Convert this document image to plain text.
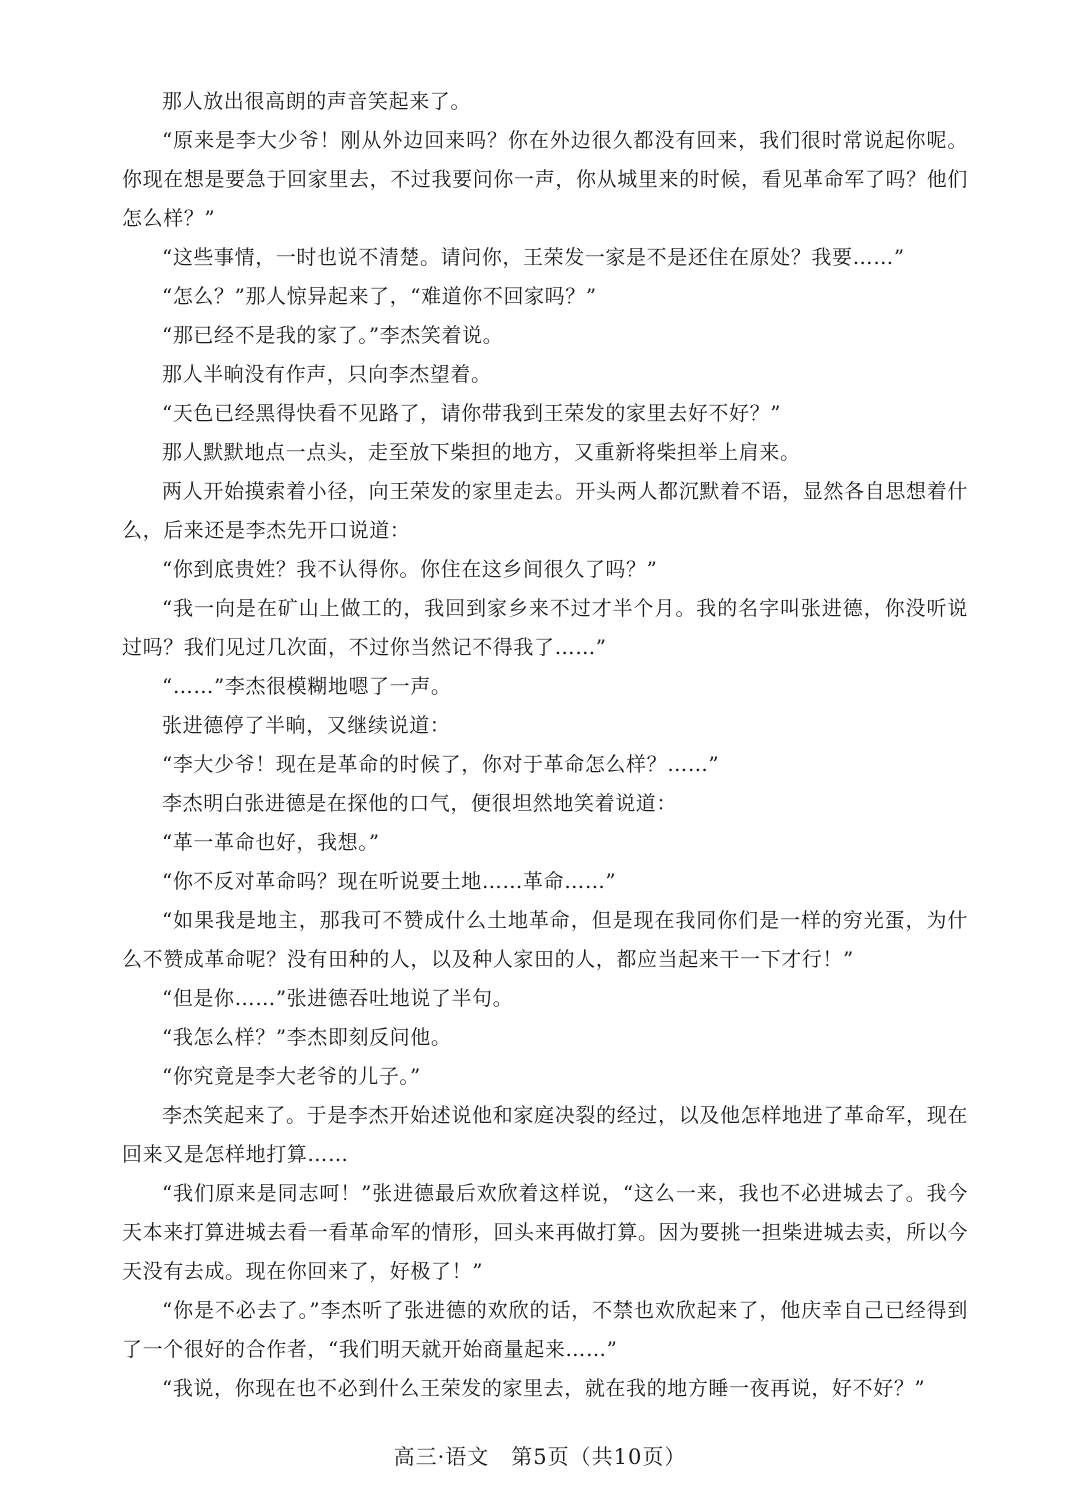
那人放出很高朗的声音笑起来了。

“原来是李大少爷！刚从外边回来吗？你在外边很久都没有回来，我们很时常说起你呢。你现在想是要急于回家里去，不过我要问你一声，你从城里来的时候，看见革命军了吗？他们怎么样？”

“这些事情，一时也说不清楚。请问你，王荣发一家是不是还住在原处？我要……”

“怎么？”那人惊异起来了，“难道你不回家吗？”

“那已经不是我的家了。”李杰笑着说。

那人半晌没有作声，只向李杰望着。

“天色已经黑得快看不见路了，请你带我到王荣发的家里去好不好？”

那人默默地点一点头，走至放下柴担的地方，又重新将柴担举上肩来。

两人开始摸索着小径，向王荣发的家里走去。开头两人都沉默着不语，显然各自思想着什么，后来还是李杰先开口说道：

“你到底贵姓？我不认得你。你住在这乡间很久了吗？”

“我一向是在矿山上做工的，我回到家乡来不过才半个月。我的名字叫张进德，你没听说过吗？我们见过几次面，不过你当然记不得我了……”

“……”李杰很模糊地嗯了一声。

张进德停了半晌，又继续说道：

“李大少爷！现在是革命的时候了，你对于革命怎么样？……”

李杰明白张进德是在探他的口气，便很坦然地笑着说道：

“革一革命也好，我想。”

“你不反对革命吗？现在听说要土地……革命……”

“如果我是地主，那我可不赞成什么土地革命，但是现在我同你们是一样的穷光蛋，为什么不赞成革命呢？没有田种的人，以及种人家田的人，都应当起来干一下才行！”

“但是你……”张进德吞吐地说了半句。

“我怎么样？”李杰即刻反问他。

“你究竟是李大老爷的儿子。”

李杰笑起来了。于是李杰开始述说他和家庭决裂的经过，以及他怎样地进了革命军，现在回来又是怎样地打算……

“我们原来是同志呵！”张进德最后欢欣着这样说，“这么一来，我也不必进城去了。我今天本来打算进城去看一看革命军的情形，回头来再做打算。因为要挑一担柴进城去卖，所以今天没有去成。现在你回来了，好极了！”

“你是不必去了。”李杰听了张进德的欢欣的话，不禁也欢欣起来了，他庆幸自己已经得到了一个很好的合作者，“我们明天就开始商量起来……”

“我说，你现在也不必到什么王荣发的家里去，就在我的地方睡一夜再说，好不好？”

高三·语文　第5页（共10页）
